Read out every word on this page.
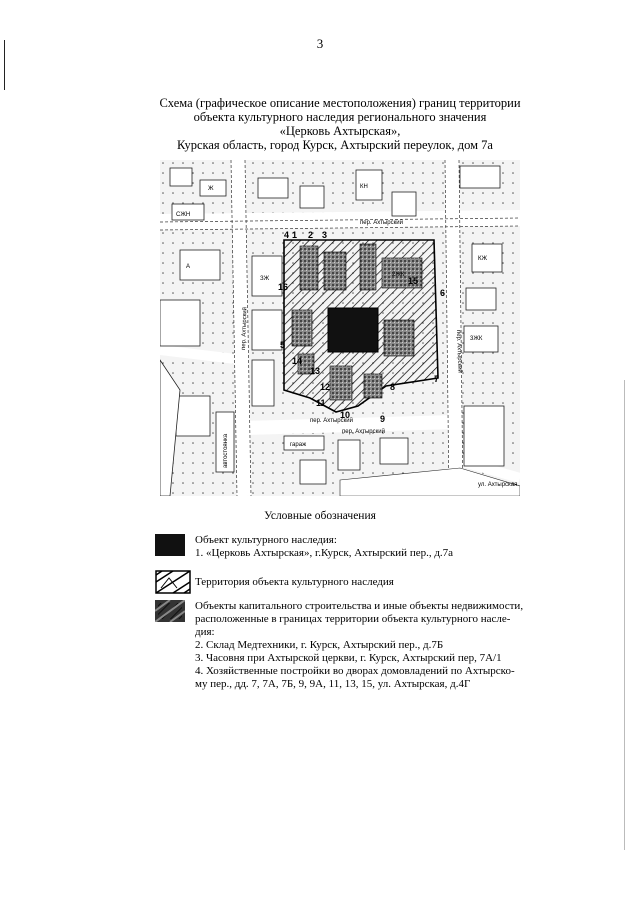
3
Схема (графическое описание местоположения) границ территории
объекта культурного наследия регионального значения
«Церковь Ахтырская»,
Курская область, город Курск, Ахтырский переулок, дом 7а
1 2 3
4
5
6
7
8
9
10
11
12
13
14
15
16
пер. Ахтырский
пер. Ахтырский
пер. Ахтырский
пер. Ахтырский
пер. Ахтырский
ул. Ахтырская
ЗЖ
2ЖК
КЖ
3ЖК
СЖН
КН
Ж
А
гараж
автостоянка
Условные обозначения

Объект культурного наследия:

1. «Церковь Ахтырская», г.Курск, Ахтырский пер., д.7а

Территория объекта культурного наследия

Объекты капитального строительства и иные объекты недвижимости,

расположенные в границах территории объекта культурного насле-

дия:

2. Склад Медтехники, г. Курск, Ахтырский пер., д.7Б

3. Часовня при Ахтырской церкви, г. Курск, Ахтырский пер, 7А/1

4. Хозяйственные постройки во дворах домовладений по Ахтырско-

му пер., дд. 7, 7А, 7Б, 9, 9А, 11, 13, 15, ул. Ахтырская, д.4Г
